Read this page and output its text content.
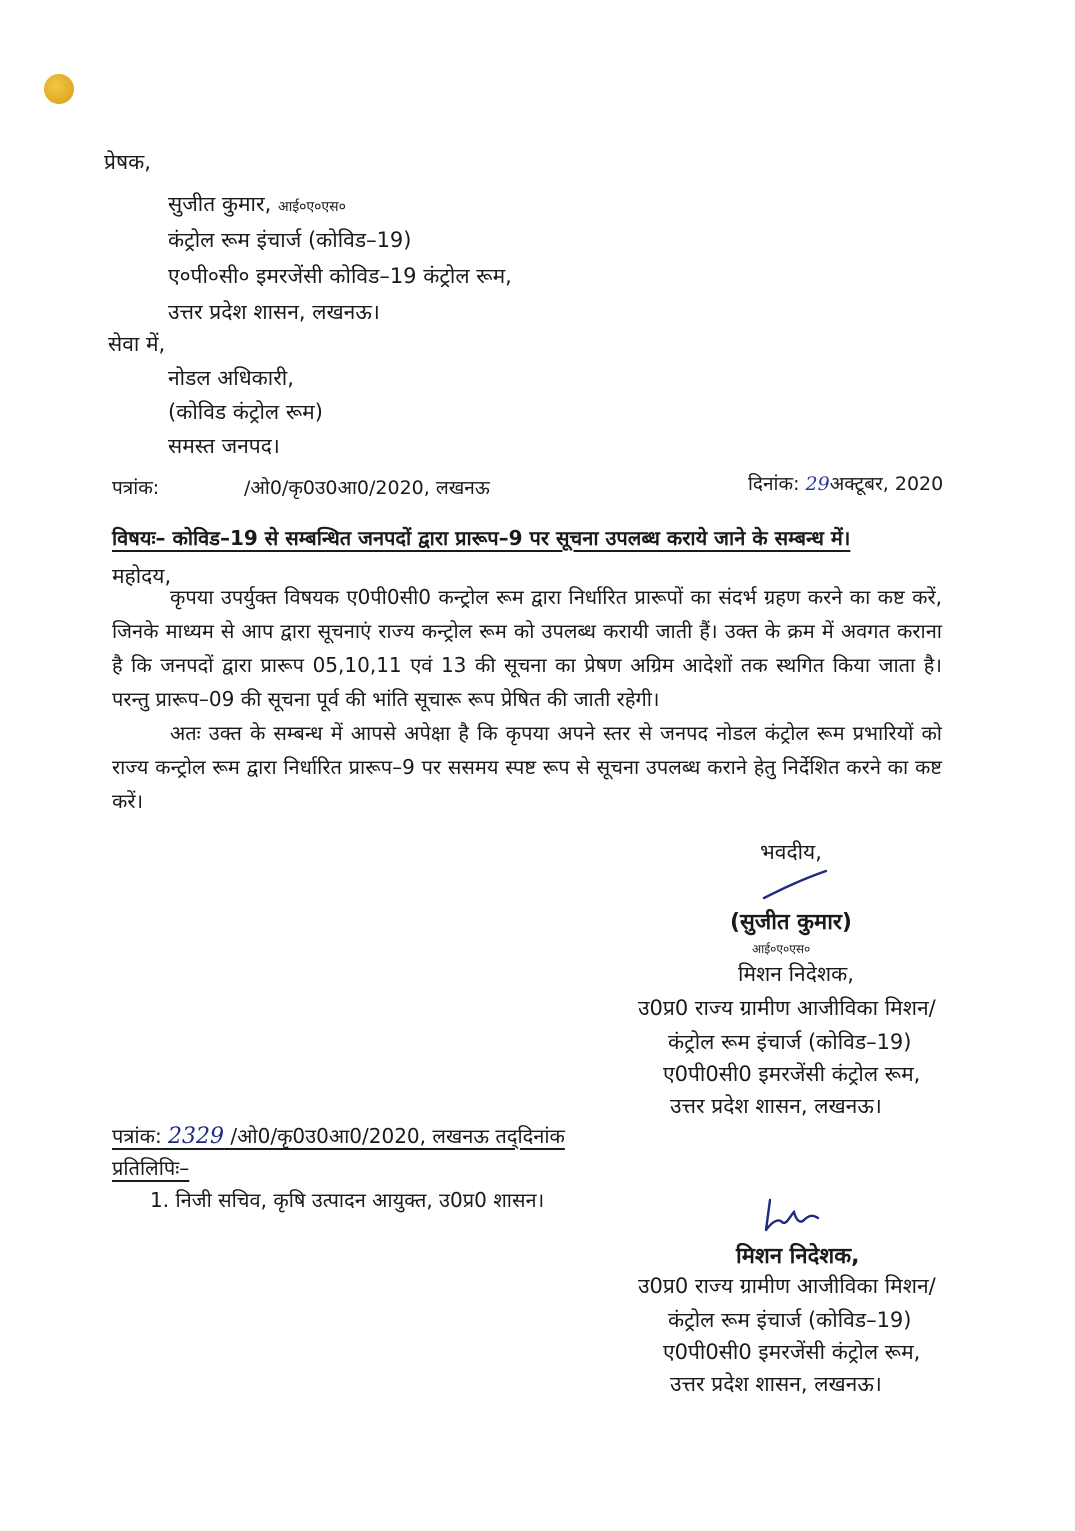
प्रेषक,
सुजीत कुमार, आई०ए०एस०
कंट्रोल रूम इंचार्ज (कोविड–19)
ए०पी०सी० इमरजेंसी कोविड–19 कंट्रोल रूम,
उत्तर प्रदेश शासन, लखनऊ।
सेवा में,
नोडल अधिकारी,
(कोविड कंट्रोल रूम)
समस्त जनपद।
पत्रांक:	/ओ0/कृ0उ0आ0/2020, लखनऊ	दिनांक: 29अक्टूबर, 2020
विषयः– कोविड–19 से सम्बन्धित जनपदों द्वारा प्रारूप–9 पर सूचना उपलब्ध कराये जाने के सम्बन्ध में।
महोदय,

कृपया उपर्युक्त विषयक ए0पी0सी0 कन्ट्रोल रूम द्वारा निर्धारित प्रारूपों का संदर्भ ग्रहण करने का कष्ट करें, जिनके माध्यम से आप द्वारा सूचनाएं राज्य कन्ट्रोल रूम को उपलब्ध करायी जाती हैं। उक्त के क्रम में अवगत कराना है कि जनपदों द्वारा प्रारूप 05,10,11 एवं 13 की सूचना का प्रेषण अग्रिम आदेशों तक स्थगित किया जाता है। परन्तु प्रारूप–09 की सूचना पूर्व की भांति सूचारू रूप प्रेषित की जाती रहेगी।

अतः उक्त के सम्बन्ध में आपसे अपेक्षा है कि कृपया अपने स्तर से जनपद नोडल कंट्रोल रूम प्रभारियों को राज्य कन्ट्रोल रूम द्वारा निर्धारित प्रारूप–9 पर ससमय स्पष्ट रूप से सूचना उपलब्ध कराने हेतु निर्देशित करने का कष्ट करें।

भवदीय,
(सुजीत कुमार)
आई०ए०एस०
मिशन निदेशक,
उ0प्र0 राज्य ग्रामीण आजीविका मिशन/
कंट्रोल रूम इंचार्ज (कोविड–19)
ए0पी0सी0 इमरजेंसी कंट्रोल रूम,
उत्तर प्रदेश शासन, लखनऊ।
पत्रांक: 2329 /ओ0/कृ0उ0आ0/2020, लखनऊ तद्‌दिनांक
प्रतिलिपिः–
1. निजी सचिव, कृषि उत्पादन आयुक्त, उ0प्र0 शासन।
मिशन निदेशक,
उ0प्र0 राज्य ग्रामीण आजीविका मिशन/
कंट्रोल रूम इंचार्ज (कोविड–19)
ए0पी0सी0 इमरजेंसी कंट्रोल रूम,
उत्तर प्रदेश शासन, लखनऊ।
